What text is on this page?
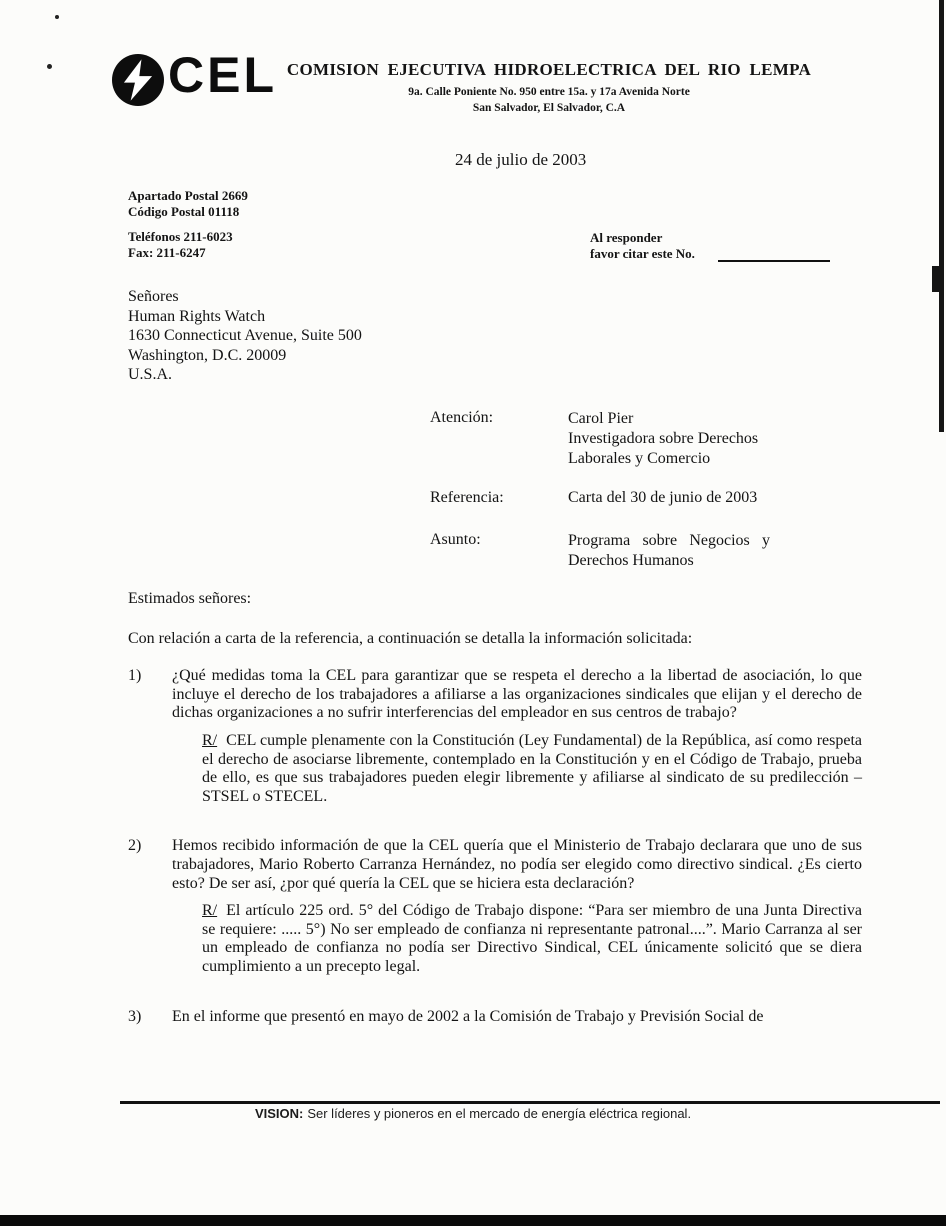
CEL COMISION EJECUTIVA HIDROELECTRICA DEL RIO LEMPA
9a. Calle Poniente No. 950 entre 15a. y 17a Avenida Norte
San Salvador, El Salvador, C.A
24 de julio de 2003
Apartado Postal 2669
Código Postal 01118
Teléfonos 211-6023
Fax: 211-6247
Al responder
favor citar este No.
Señores
Human Rights Watch
1630 Connecticut Avenue, Suite 500
Washington, D.C. 20009
U.S.A.
Atención:	Carol Pier
Investigadora sobre Derechos
Laborales y Comercio
Referencia:	Carta del 30 de junio de 2003
Asunto:	Programa sobre Negocios y
Derechos Humanos
Estimados señores:
Con relación a carta de la referencia, a continuación se detalla la información solicitada:
1)	¿Qué medidas toma la CEL para garantizar que se respeta el derecho a la libertad de asociación, lo que incluye el derecho de los trabajadores a afiliarse a las organizaciones sindicales que elijan y el derecho de dichas organizaciones a no sufrir interferencias del empleador en sus centros de trabajo?
R/ CEL cumple plenamente con la Constitución (Ley Fundamental) de la República, así como respeta el derecho de asociarse libremente, contemplado en la Constitución y en el Código de Trabajo, prueba de ello, es que sus trabajadores pueden elegir libremente y afiliarse al sindicato de su predilección – STSEL o STECEL.
2)	Hemos recibido información de que la CEL quería que el Ministerio de Trabajo declarara que uno de sus trabajadores, Mario Roberto Carranza Hernández, no podía ser elegido como directivo sindical. ¿Es cierto esto? De ser así, ¿por qué quería la CEL que se hiciera esta declaración?
R/ El artículo 225 ord. 5° del Código de Trabajo dispone: “Para ser miembro de una Junta Directiva se requiere: ..... 5°) No ser empleado de confianza ni representante patronal....”. Mario Carranza al ser un empleado de confianza no podía ser Directivo Sindical, CEL únicamente solicitó que se diera cumplimiento a un precepto legal.
3)	En el informe que presentó en mayo de 2002 a la Comisión de Trabajo y Previsión Social de
VISION: Ser líderes y pioneros en el mercado de energía eléctrica regional.
